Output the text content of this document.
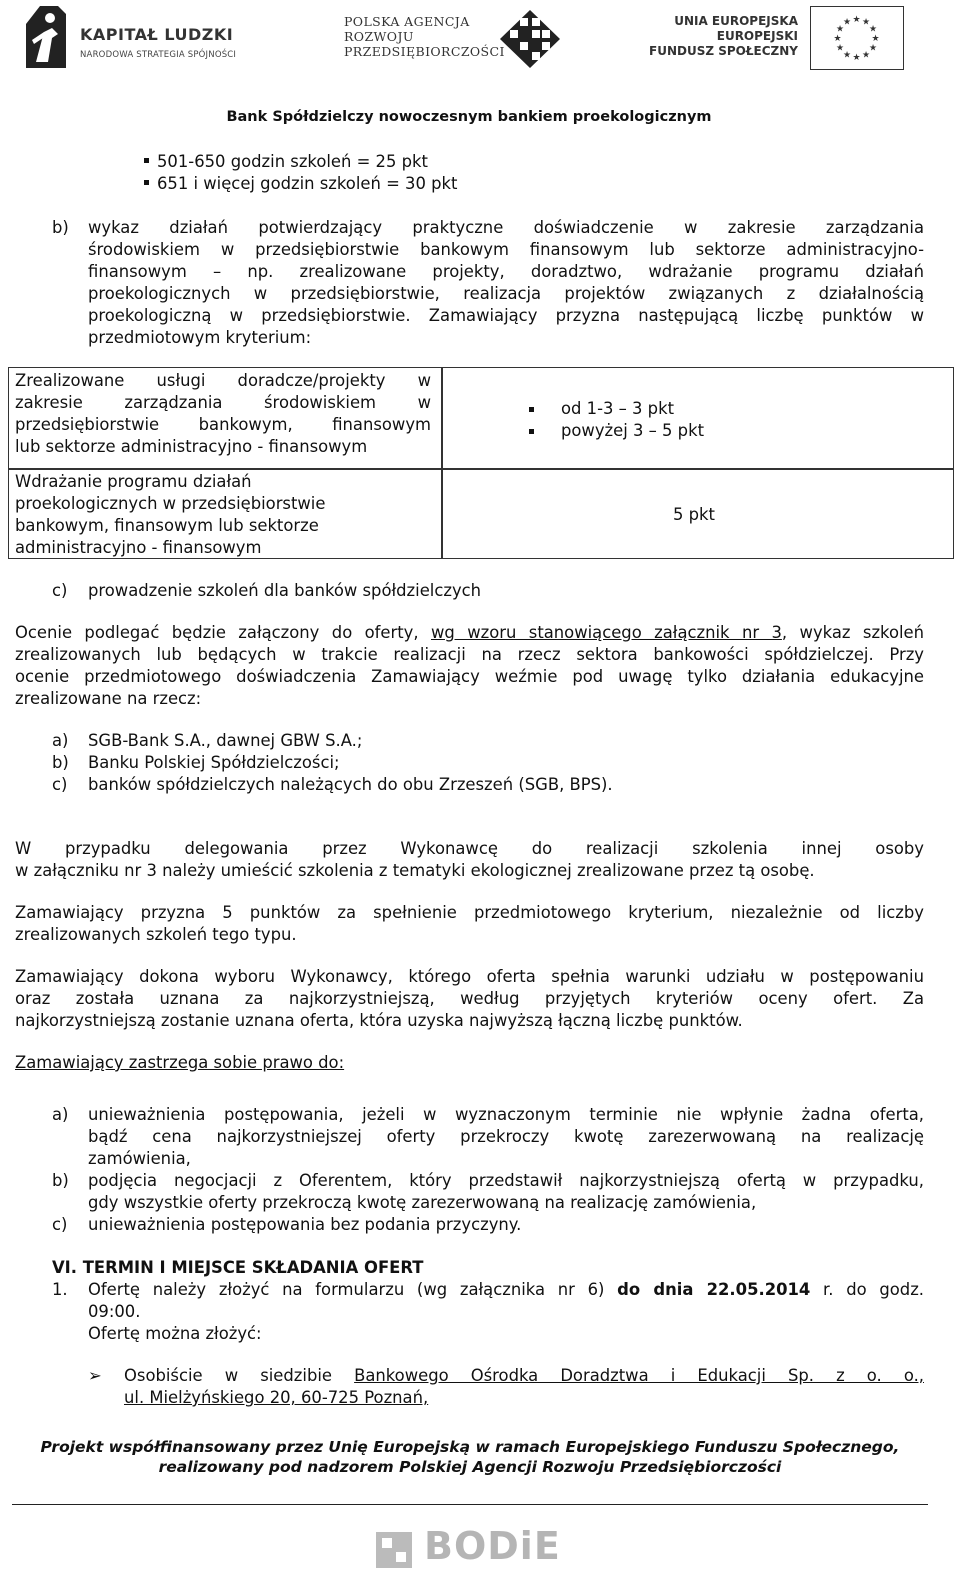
KAPITAŁ LUDZKI
NARODOWA STRATEGIA SPÓJNOŚCI
POLSKA AGENCJA
ROZWOJU
PRZEDSIĘBIORCZOŚCI
UNIA EUROPEJSKA
EUROPEJSKI
FUNDUSZ SPOŁECZNY
★ ★
★
★
★
★
★
★
★
★
★
★
Bank Spółdzielczy nowoczesnym bankiem proekologicznym
501-650 godzin szkoleń = 25 pkt
651 i więcej godzin szkoleń = 30 pkt
b) wykaz działań potwierdzający praktyczne doświadczenie w zakresie zarządzania
środowiskiem w przedsiębiorstwie bankowym finansowym lub sektorze administracyjno-
finansowym – np. zrealizowane projekty, doradztwo, wdrażanie programu działań
proekologicznych w przedsiębiorstwie, realizacja projektów związanych z działalnością
proekologiczną w przedsiębiorstwie. Zamawiający przyzna następującą liczbę punktów w
przedmiotowym kryterium:
Zrealizowane usługi doradcze/projekty w
zakresie zarządzania środowiskiem w
przedsiębiorstwie bankowym, finansowym
lub sektorze administracyjno - finansowym
od 1-3 – 3 pkt
powyżej 3 – 5 pkt
Wdrażanie programu działań
proekologicznych w przedsiębiorstwie
bankowym, finansowym lub sektorze
administracyjno - finansowym
5 pkt
c) prowadzenie szkoleń dla banków spółdzielczych
Ocenie podlegać będzie załączony do oferty, wg wzoru stanowiącego załącznik nr 3, wykaz szkoleń
zrealizowanych lub będących w trakcie realizacji na rzecz sektora bankowości spółdzielczej. Przy
ocenie przedmiotowego doświadczenia Zamawiający weźmie pod uwagę tylko działania edukacyjne
zrealizowane na rzecz:
a) SGB-Bank S.A., dawnej GBW S.A.;
b) Banku Polskiej Spółdzielczości;
c) banków spółdzielczych należących do obu Zrzeszeń (SGB, BPS).
W przypadku delegowania przez Wykonawcę do realizacji szkolenia innej osoby
w załączniku nr 3 należy umieścić szkolenia z tematyki ekologicznej zrealizowane przez tą osobę.
Zamawiający przyzna 5 punktów za spełnienie przedmiotowego kryterium, niezależnie od liczby
zrealizowanych szkoleń tego typu.
Zamawiający dokona wyboru Wykonawcy, którego oferta spełnia warunki udziału w postępowaniu
oraz została uznana za najkorzystniejszą, według przyjętych kryteriów oceny ofert. Za
najkorzystniejszą zostanie uznana oferta, która uzyska najwyższą łączną liczbę punktów.
Zamawiający zastrzega sobie prawo do:
a) unieważnienia postępowania, jeżeli w wyznaczonym terminie nie wpłynie żadna oferta,
bądź cena najkorzystniejszej oferty przekroczy kwotę zarezerwowaną na realizację
zamówienia,
b) podjęcia negocjacji z Oferentem, który przedstawił najkorzystniejszą ofertą w przypadku,
gdy wszystkie oferty przekroczą kwotę zarezerwowaną na realizację zamówienia,
c) unieważnienia postępowania bez podania przyczyny.
VI. TERMIN I MIEJSCE SKŁADANIA OFERT
1. Ofertę należy złożyć na formularzu (wg załącznika nr 6) do dnia 22.05.2014 r. do godz.
09:00.
Ofertę można złożyć:
➢ Osobiście w siedzibie Bankowego Ośrodka Doradztwa i Edukacji Sp. z o. o.,
ul. Mielżyńskiego 20, 60-725 Poznań,
Projekt współfinansowany przez Unię Europejską w ramach Europejskiego Funduszu Społecznego,
realizowany pod nadzorem Polskiej Agencji Rozwoju Przedsiębiorczości
BODiE
